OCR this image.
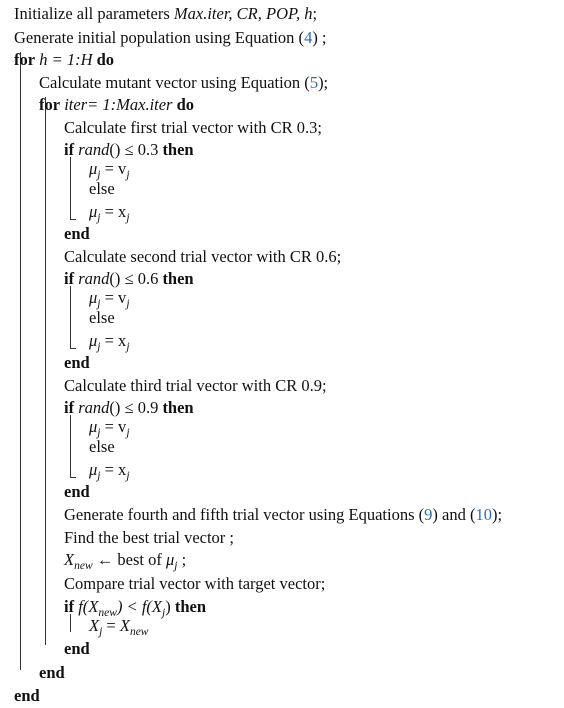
Initialize all parameters Max.iter, CR, POP, h;
Generate initial population using Equation (4) ;
for h = 1:H do
Calculate mutant vector using Equation (5);
for iter= 1:Max.iter do
Calculate first trial vector with CR 0.3;
if rand() ≤ 0.3 then
$\mu_j = v_j$
else
$\mu_j = x_j$
end
Calculate second trial vector with CR 0.6;
if rand() ≤ 0.6 then
$\mu_j = v_j$
else
$\mu_j = x_j$
end
Calculate third trial vector with CR 0.9;
if rand() ≤ 0.9 then
$\mu_j = v_j$
else
$\mu_j = x_j$
end
Generate fourth and fifth trial vector using Equations (9) and (10);
Find the best trial vector ;
$X_{new}$ ← best of $\mu_j$ ;
Compare trial vector with target vector;
if $f(X_{new}) < f(X_j)$ then
$X_j = X_{new}$
end
end
end
